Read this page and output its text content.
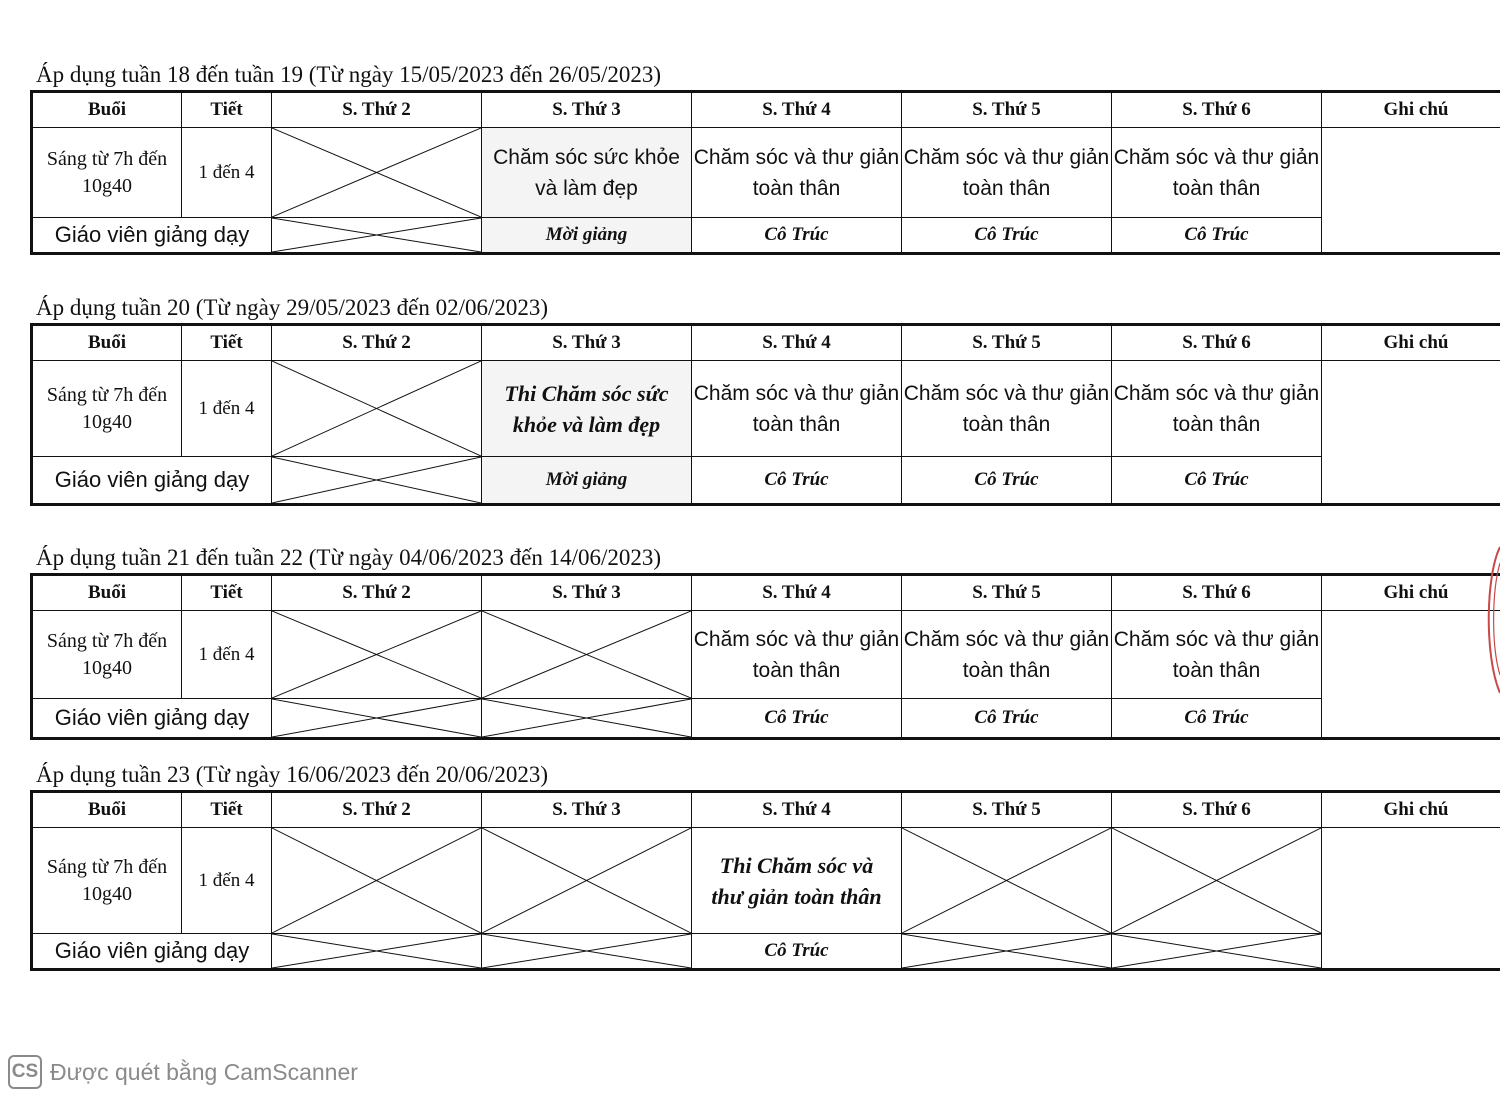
Áp dụng tuần 18 đến tuần 19 (Từ ngày 15/05/2023 đến 26/05/2023)
Buổi	Tiết	S. Thứ 2	S. Thứ 3	S. Thứ 4	S. Thứ 5	S. Thứ 6	Ghi chú
Sáng từ 7h đến 10g40	1 đến 4		Chăm sóc sức khỏe và làm đẹp	Chăm sóc và thư giản toàn thân	Chăm sóc và thư giản toàn thân	Chăm sóc và thư giản toàn thân	
Giáo viên giảng dạy			Mời giảng	Cô Trúc	Cô Trúc	Cô Trúc	
Áp dụng tuần 20 (Từ ngày 29/05/2023 đến 02/06/2023)
Buổi	Tiết	S. Thứ 2	S. Thứ 3	S. Thứ 4	S. Thứ 5	S. Thứ 6	Ghi chú
Sáng từ 7h đến 10g40	1 đến 4		Thi Chăm sóc sức khỏe và làm đẹp	Chăm sóc và thư giản toàn thân	Chăm sóc và thư giản toàn thân	Chăm sóc và thư giản toàn thân	
Giáo viên giảng dạy			Mời giảng	Cô Trúc	Cô Trúc	Cô Trúc	
Áp dụng tuần 21 đến tuần 22 (Từ ngày 04/06/2023 đến 14/06/2023)
Buổi	Tiết	S. Thứ 2	S. Thứ 3	S. Thứ 4	S. Thứ 5	S. Thứ 6	Ghi chú
Sáng từ 7h đến 10g40	1 đến 4			Chăm sóc và thư giản toàn thân	Chăm sóc và thư giản toàn thân	Chăm sóc và thư giản toàn thân	
Giáo viên giảng dạy				Cô Trúc	Cô Trúc	Cô Trúc	
Áp dụng tuần 23 (Từ ngày 16/06/2023 đến 20/06/2023)
Buổi	Tiết	S. Thứ 2	S. Thứ 3	S. Thứ 4	S. Thứ 5	S. Thứ 6	Ghi chú
Sáng từ 7h đến 10g40	1 đến 4			Thi Chăm sóc và thư giản toàn thân	

Giáo viên giảng dạy				Cô Trúc	

CS Được quét bằng CamScanner
